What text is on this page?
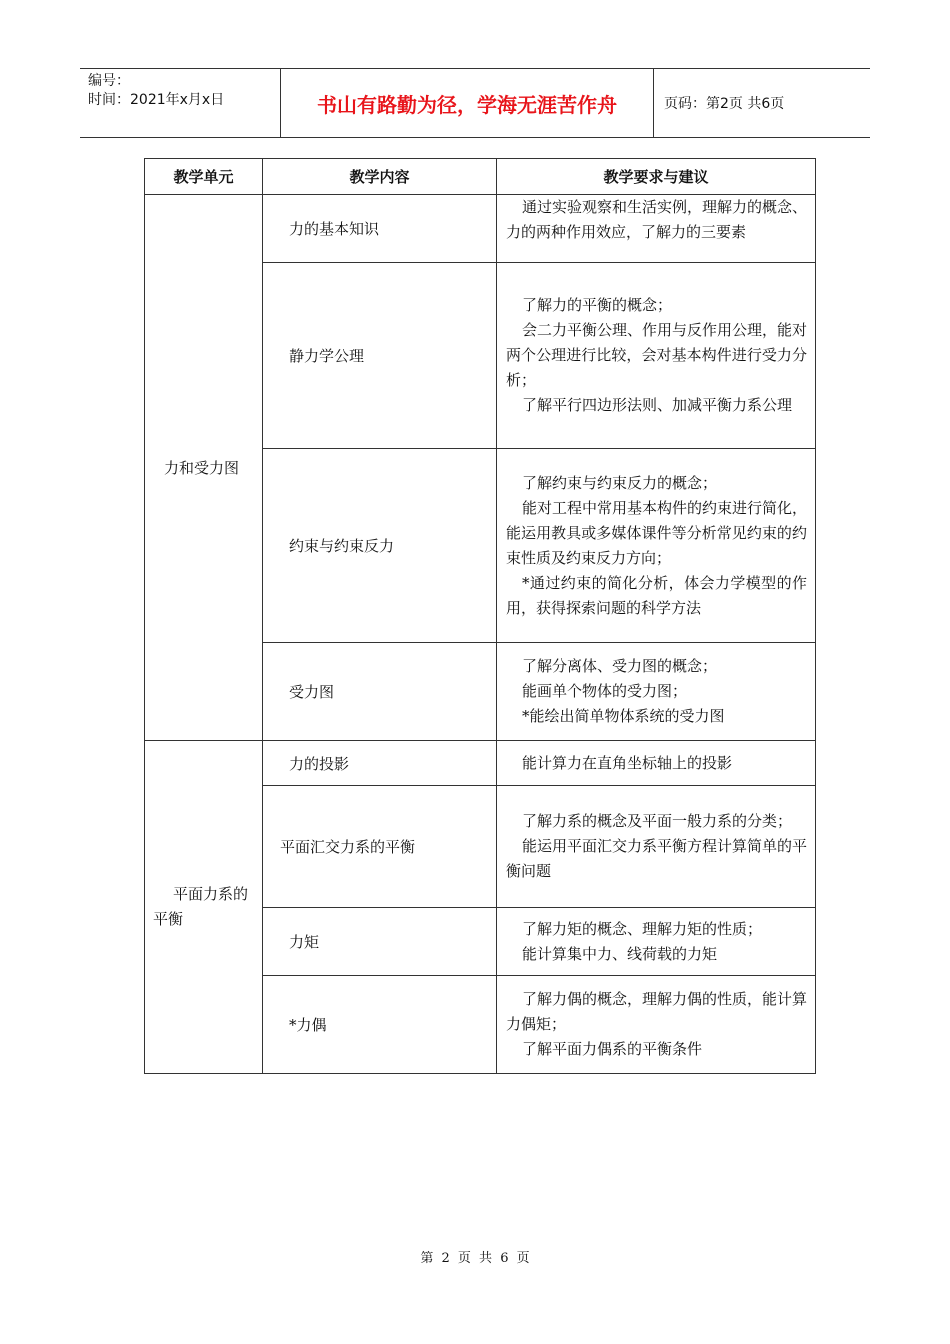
编号：
时间：2021年x月x日	书山有路勤为径，学海无涯苦作舟	页码：第2页 共6页
教学单元	教学内容	教学要求与建议

力和受力图	力的基本知识	通过实验观察和生活实例，理解力的概念、力的两种作用效应，了解力的三要素

	静力学公理	了解力的平衡的概念；
会二力平衡公理、作用与反作用公理，能对两个公理进行比较，会对基本构件进行受力分析；
了解平行四边形法则、加减平衡力系公理

	约束与约束反力	了解约束与约束反力的概念；
能对工程中常用基本构件的约束进行简化，能运用教具或多媒体课件等分析常见约束的约束性质及约束反力方向；
*通过约束的简化分析，体会力学模型的作用，获得探索问题的科学方法

	受力图	了解分离体、受力图的概念；
能画单个物体的受力图；
*能绘出简单物体系统的受力图

平面力系的
平衡	力的投影	能计算力在直角坐标轴上的投影

	平面汇交力系的平衡	了解力系的概念及平面一般力系的分类；
能运用平面汇交力系平衡方程计算简单的平衡问题

	力矩	了解力矩的概念、理解力矩的性质；
能计算集中力、线荷载的力矩

	*力偶	了解力偶的概念，理解力偶的性质，能计算力偶矩；
了解平面力偶系的平衡条件
第 2 页 共 6 页
